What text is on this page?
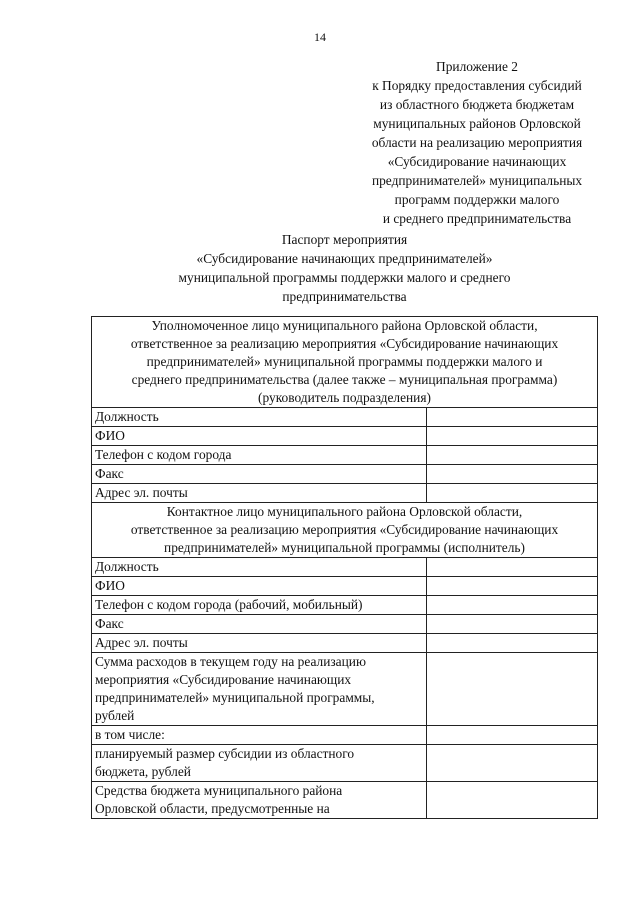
14
Приложение 2
к Порядку предоставления субсидий
из областного бюджета бюджетам
муниципальных районов Орловской
области на реализацию мероприятия
«Субсидирование начинающих
предпринимателей» муниципальных
программ поддержки малого
и среднего предпринимательства
Паспорт мероприятия
«Субсидирование начинающих предпринимателей»
муниципальной программы поддержки малого и среднего
предпринимательства
Уполномоченное лицо муниципального района Орловской области,
ответственное за реализацию мероприятия «Субсидирование начинающих
предпринимателей» муниципальной программы поддержки малого и
среднего предпринимательства (далее также – муниципальная программа)
(руководитель подразделения)	

Должность	
ФИО	
Телефон с кодом города	
Факс	
Адрес эл. почты	

Контактное лицо муниципального района Орловской области,
ответственное за реализацию мероприятия «Субсидирование начинающих
предпринимателей» муниципальной программы (исполнитель)	

Должность	
ФИО	
Телефон с кодом города (рабочий, мобильный)	
Факс	
Адрес эл. почты	

Сумма расходов в текущем году на реализацию
мероприятия «Субсидирование начинающих
предпринимателей» муниципальной программы,
рублей	

в том числе:	

планируемый размер субсидии из областного
бюджета, рублей	

Средства бюджета муниципального района
Орловской области, предусмотренные на	
